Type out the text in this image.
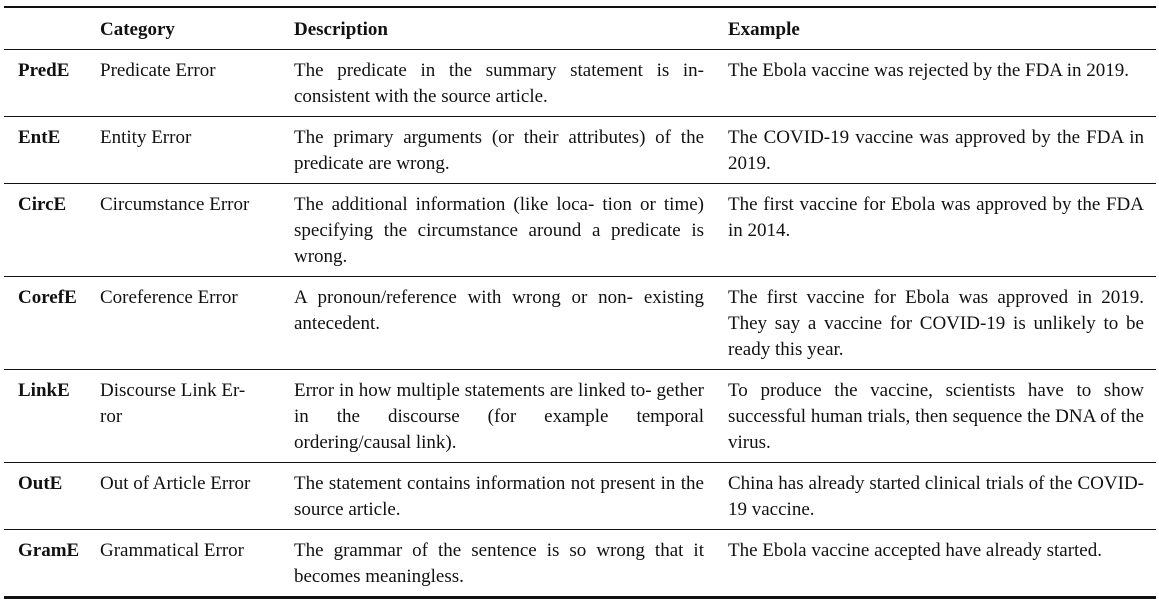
	Category	Description	Example
PredE	Predicate Error	The predicate in the summary statement is in- consistent with the source article.	The Ebola vaccine was rejected by the FDA in 2019.
EntE	Entity Error	The primary arguments (or their attributes) of the predicate are wrong.	The COVID-19 vaccine was approved by the FDA in 2019.
CircE	Circumstance Error	The additional information (like loca- tion or time) specifying the circumstance around a predicate is wrong.	The first vaccine for Ebola was approved by the FDA in 2014.
CorefE	Coreference Error	A pronoun/reference with wrong or non- existing antecedent.	The first vaccine for Ebola was approved in 2019. They say a vaccine for COVID-19 is unlikely to be ready this year.
LinkE	Discourse Link Er- ror	Error in how multiple statements are linked to- gether in the discourse (for example temporal ordering/causal link).	To produce the vaccine, scientists have to show successful human trials, then sequence the DNA of the virus.
OutE	Out of Article Error	The statement contains information not present in the source article.	China has already started clinical trials of the COVID-19 vaccine.
GramE	Grammatical Error	The grammar of the sentence is so wrong that it becomes meaningless.	The Ebola vaccine accepted have already started.
